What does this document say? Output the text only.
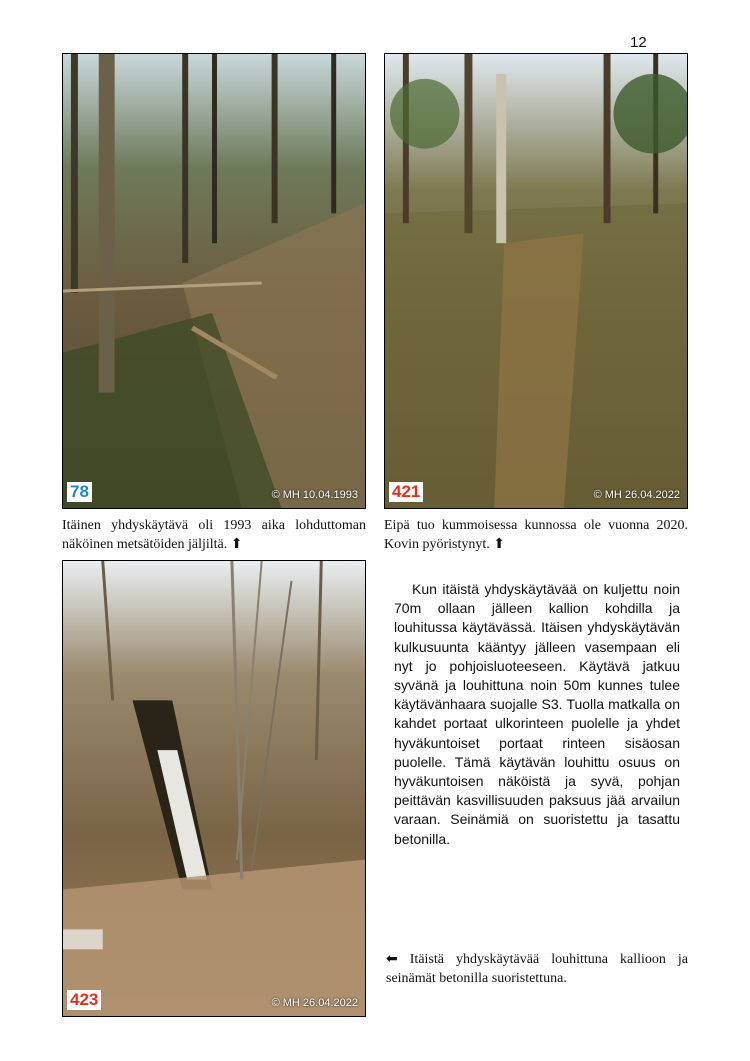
12
78	© MH 10.04.1993 421	© MH 26.04.2022
Itäinen yhdyskäytävä oli 1993 aika lohduttoman näköinen metsätöiden jäljiltä. ⬆
Eipä tuo kummoisessa kunnossa ole vuonna 2020. Kovin pyöristynyt. ⬆
423	© MH 26.04.2022

Kun itäistä yhdyskäytävää on kuljettu noin 70m ollaan jälleen kallion kohdilla ja louhitussa käytävässä. Itäisen yhdyskäytävän kulkusuunta kääntyy jälleen vasempaan eli nyt jo pohjoisluoteeseen. Käytävä jatkuu syvänä ja louhittuna noin 50m kunnes tulee käytävänhaara suojalle S3. Tuolla matkalla on kahdet portaat ulkorinteen puolelle ja yhdet hyväkuntoiset portaat rinteen sisäosan puolelle. Tämä käytävän louhittu osuus on hyväkuntoisen näköistä ja syvä, pohjan peittävän kasvillisuuden paksuus jää arvailun varaan. Seinämiä on suoristettu ja tasattu betonilla.

⬅ Itäistä yhdyskäytävää louhittuna kallioon ja seinämät betonilla suoristettuna.
